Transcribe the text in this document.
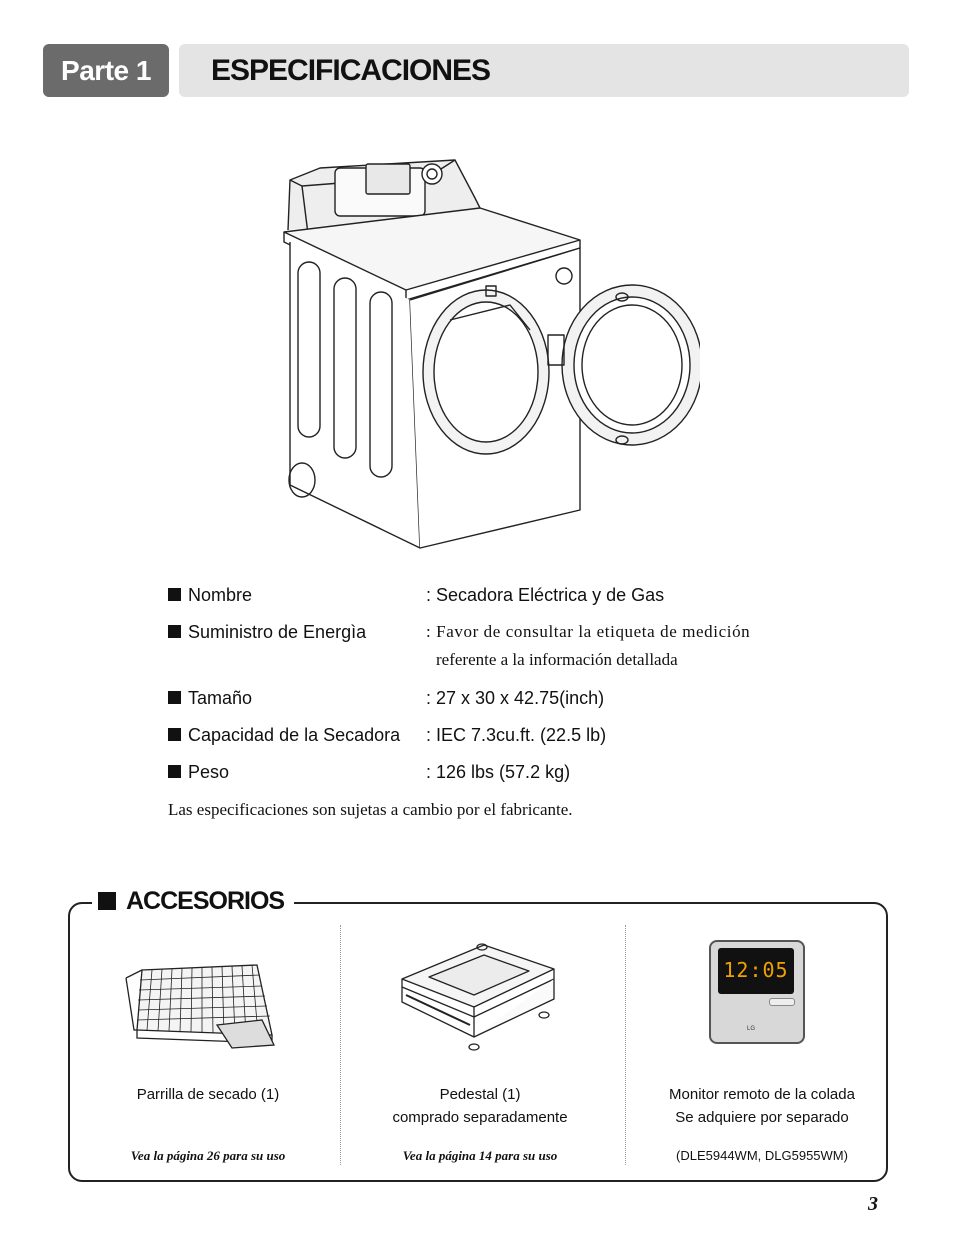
Parte 1	ESPECIFICACIONES
Nombre	: Secadora Eléctrica y de Gas
Suministro de Energìa	: Favor de consultar la etiqueta de medición
referente a la información detallada
Tamaño	: 27 x 30 x 42.75(inch)
Capacidad de la Secadora : IEC 7.3cu.ft. (22.5 lb)
Peso	: 126 lbs (57.2 kg)
Las especificaciones son sujetas a cambio por el fabricante.
ACCESORIOS
Parrilla de secado (1)
Vea la página 26 para su uso
Pedestal (1)
comprado separadamente
Vea la página 14 para su uso
12:05
LG
Monitor remoto de la colada
Se adquiere por separado
(DLE5944WM, DLG5955WM)
3
